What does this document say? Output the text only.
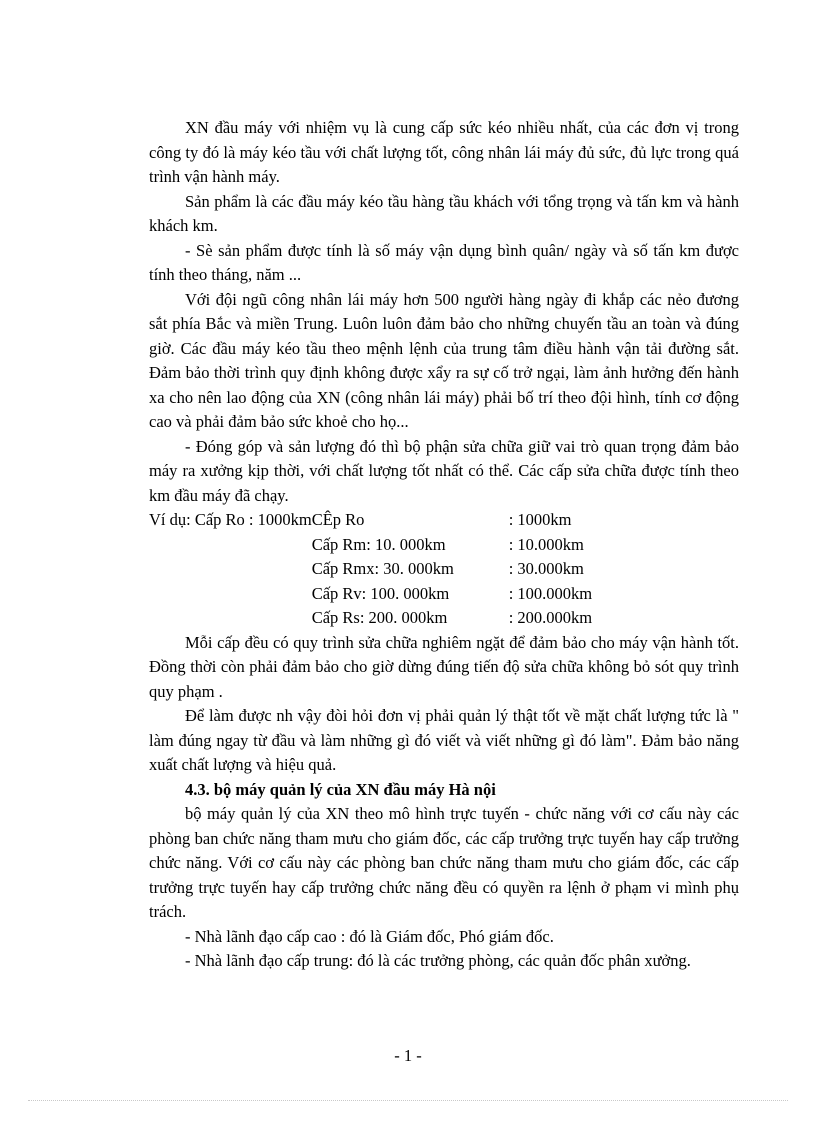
XN đầu máy với nhiệm vụ là cung cấp sức kéo nhiều nhất, của các đơn vị trong công ty đó là máy kéo tầu với chất lượng tốt, công nhân lái máy đủ sức, đủ lực trong quá trình vận hành máy.

Sản phẩm là các đầu máy kéo tầu hàng tầu khách với tổng trọng và tấn km và hành khách km.

- Sè sản phẩm được tính là số máy vận dụng bình quân/ ngày và số tấn km được tính theo tháng, năm ...

Với đội ngũ công nhân lái máy hơn 500 người hàng ngày đi khắp các nẻo đương sắt phía Bắc và miền Trung. Luôn luôn đảm bảo cho những chuyến tầu an toàn và đúng giờ. Các đầu máy kéo tầu theo mệnh lệnh của trung tâm điều hành vận tải đường sắt. Đảm bảo thời trình quy định không được xẩy ra sự cố trở ngại, làm ảnh hưởng đến hành xa cho nên lao động của XN (công nhân lái máy) phải bố trí theo đội hình, tính cơ động cao và phải đảm bảo sức khoẻ cho họ...

- Đóng góp và sản lượng đó thì bộ phận sửa chữa giữ vai trò quan trọng đảm bảo máy ra xưởng kịp thời, với chất lượng tốt nhất có thể. Các cấp sửa chữa được tính theo km đầu máy đã chạy.

Ví dụ: Cấp Ro : 1000km	CÊp Ro	: 1000km
	Cấp Rm: 10. 000km	: 10.000km
	Cấp Rmx: 30. 000km	: 30.000km
	Cấp Rv: 100. 000km	: 100.000km
	Cấp Rs: 200. 000km	: 200.000km

Mỗi cấp đều có quy trình sửa chữa nghiêm ngặt để đảm bảo cho máy vận hành tốt. Đồng thời còn phải đảm bảo cho giờ dừng đúng tiến độ sửa chữa không bỏ sót quy trình quy phạm .

Để làm được nh vậy đòi hỏi đơn vị phải quản lý thật tốt về mặt chất lượng tức là " làm đúng ngay từ đầu và làm những gì đó viết và viết những gì đó làm". Đảm bảo năng xuất chất lượng và hiệu quả.

4.3. bộ máy quản lý của XN đầu máy Hà nội

bộ máy quản lý của XN theo mô hình trực tuyến - chức năng với cơ cấu này các phòng ban chức năng tham mưu cho giám đốc, các cấp trưởng trực tuyến hay cấp trưởng chức năng. Với cơ cấu này các phòng ban chức năng tham mưu cho giám đốc, các cấp trưởng trực tuyến hay cấp trưởng chức năng đều có quyền ra lệnh ở phạm vi mình phụ trách.

- Nhà lãnh đạo cấp cao : đó là Giám đốc, Phó giám đốc.

- Nhà lãnh đạo cấp trung: đó là các trưởng phòng, các quản đốc phân xưởng.

- 1 -
